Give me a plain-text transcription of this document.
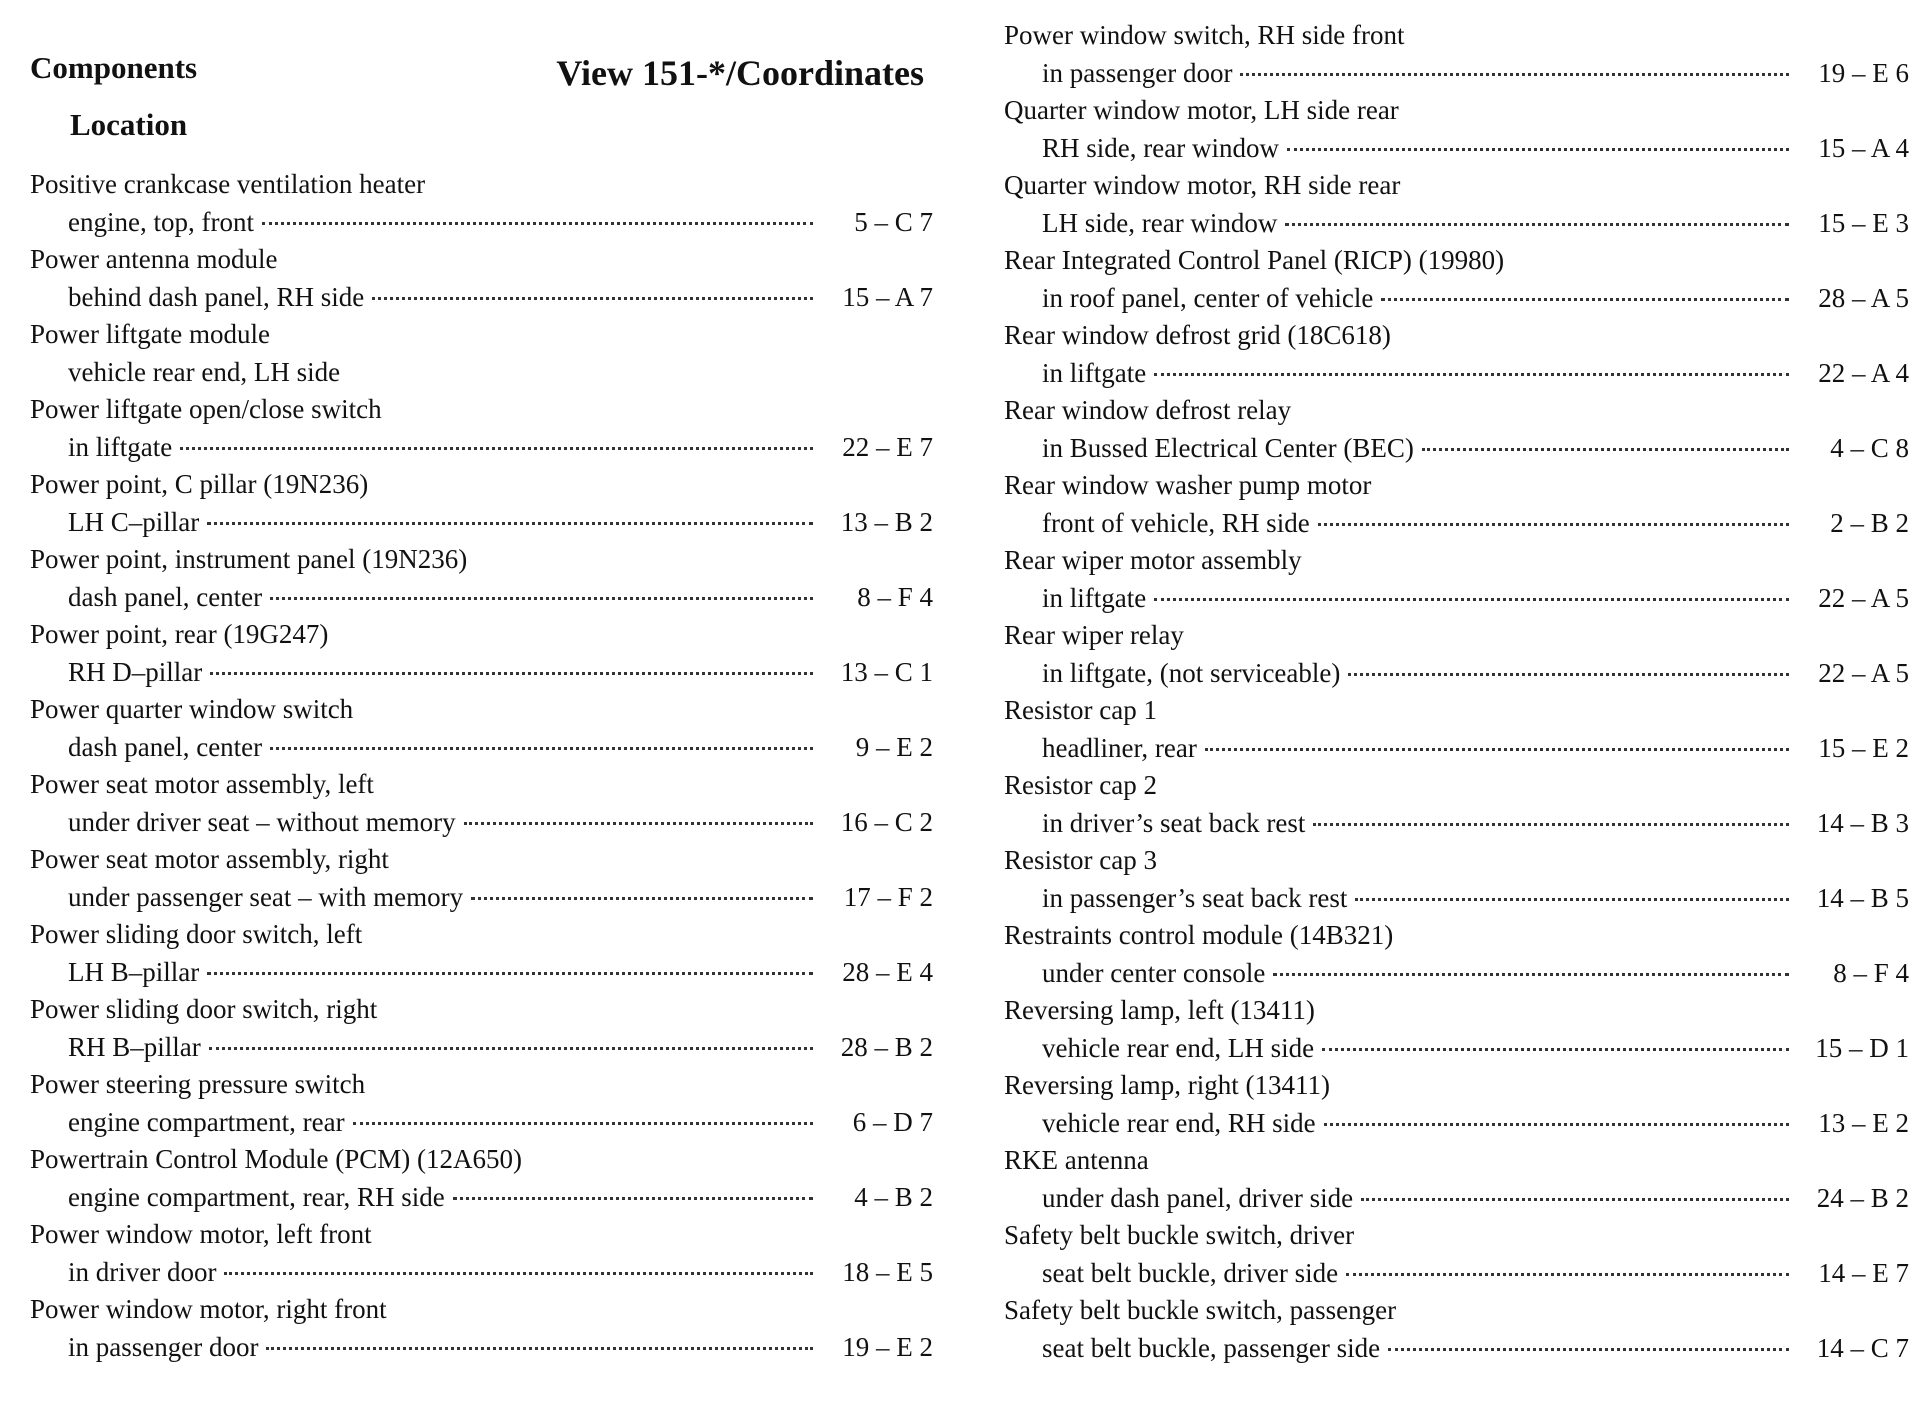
Components	View 151-*/Coordinates
Location
Positive crankcase ventilation heater
engine, top, front	5 – C 7
Power antenna module
behind dash panel, RH side	15 – A 7
Power liftgate module
vehicle rear end, LH side
Power liftgate open/close switch
in liftgate	22 – E 7
Power point, C pillar (19N236)
LH C–pillar	13 – B 2
Power point, instrument panel (19N236)
dash panel, center	8 – F 4
Power point, rear (19G247)
RH D–pillar	13 – C 1
Power quarter window switch
dash panel, center	9 – E 2
Power seat motor assembly, left
under driver seat – without memory	16 – C 2
Power seat motor assembly, right
under passenger seat – with memory	17 – F 2
Power sliding door switch, left
LH B–pillar	28 – E 4
Power sliding door switch, right
RH B–pillar	28 – B 2
Power steering pressure switch
engine compartment, rear	6 – D 7
Powertrain Control Module (PCM) (12A650)
engine compartment, rear, RH side	4 – B 2
Power window motor, left front
in driver door	18 – E 5
Power window motor, right front
in passenger door	19 – E 2
Power window switch, RH side front
in passenger door	19 – E 6
Quarter window motor, LH side rear
RH side, rear window	15 – A 4
Quarter window motor, RH side rear
LH side, rear window	15 – E 3
Rear Integrated Control Panel (RICP) (19980)
in roof panel, center of vehicle	28 – A 5
Rear window defrost grid (18C618)
in liftgate	22 – A 4
Rear window defrost relay
in Bussed Electrical Center (BEC)	4 – C 8
Rear window washer pump motor
front of vehicle, RH side	2 – B 2
Rear wiper motor assembly
in liftgate	22 – A 5
Rear wiper relay
in liftgate, (not serviceable)	22 – A 5
Resistor cap 1
headliner, rear	15 – E 2
Resistor cap 2
in driver’s seat back rest	14 – B 3
Resistor cap 3
in passenger’s seat back rest	14 – B 5
Restraints control module (14B321)
under center console	8 – F 4
Reversing lamp, left (13411)
vehicle rear end, LH side	15 – D 1
Reversing lamp, right (13411)
vehicle rear end, RH side	13 – E 2
RKE antenna
under dash panel, driver side	24 – B 2
Safety belt buckle switch, driver
seat belt buckle, driver side	14 – E 7
Safety belt buckle switch, passenger
seat belt buckle, passenger side	14 – C 7
